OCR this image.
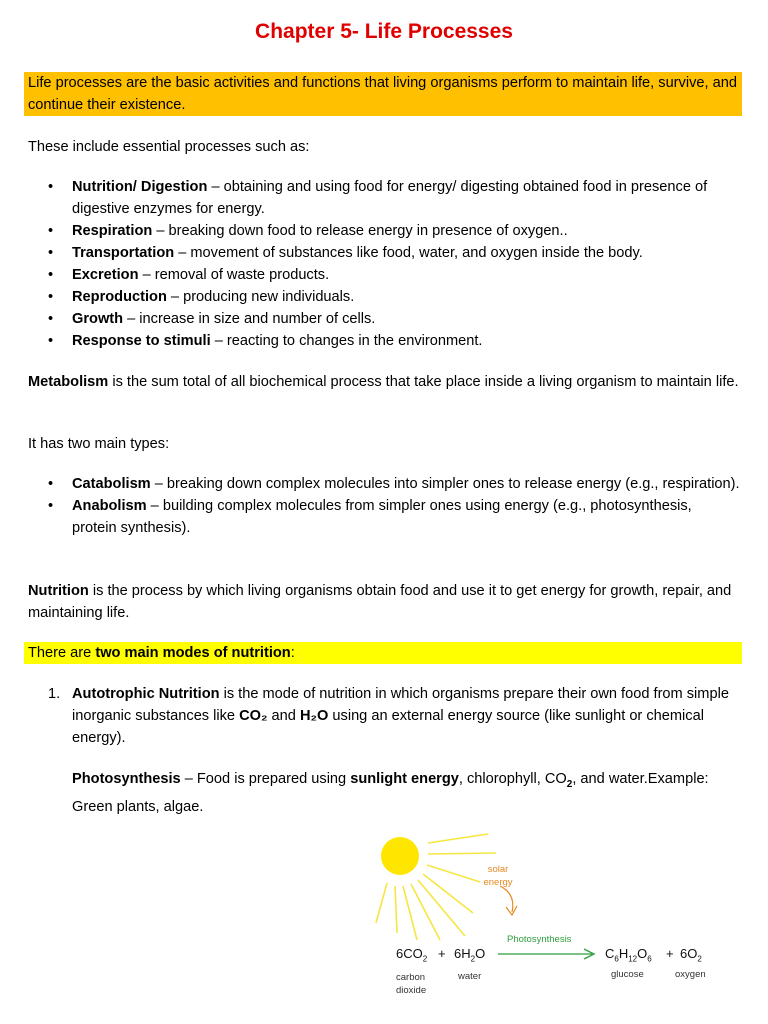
Chapter 5- Life Processes

Life processes are the basic activities and functions that living organisms perform to maintain life, survive, and continue their existence.

These include essential processes such as:

• Nutrition/ Digestion – obtaining and using food for energy/ digesting obtained food in presence of digestive enzymes for energy.
• Respiration – breaking down food to release energy in presence of oxygen..
• Transportation – movement of substances like food, water, and oxygen inside the body.
• Excretion – removal of waste products.
• Reproduction – producing new individuals.
• Growth – increase in size and number of cells.
• Response to stimuli – reacting to changes in the environment.

Metabolism is the sum total of all biochemical process that take place inside a living organism to maintain life.

It has two main types:

• Catabolism – breaking down complex molecules into simpler ones to release energy (e.g., respiration).
• Anabolism – building complex molecules from simpler ones using energy (e.g., photosynthesis, protein synthesis).

Nutrition is the process by which living organisms obtain food and use it to get energy for growth, repair, and maintaining life.

There are two main modes of nutrition:

1. Autotrophic Nutrition is the mode of nutrition in which organisms prepare their own food from simple inorganic substances like CO₂ and H₂O using an external energy source (like sunlight or chemical energy).

Photosynthesis – Food is prepared using sunlight energy, chlorophyll, $CO_2$, and water.Example: Green plants, algae.

solar
energy
Photosynthesis
$6CO_2 + 6H_2O$	$C_6H_{12}O_6 + 6O_2$
carbon
dioxide
water	glucose	oxygen
